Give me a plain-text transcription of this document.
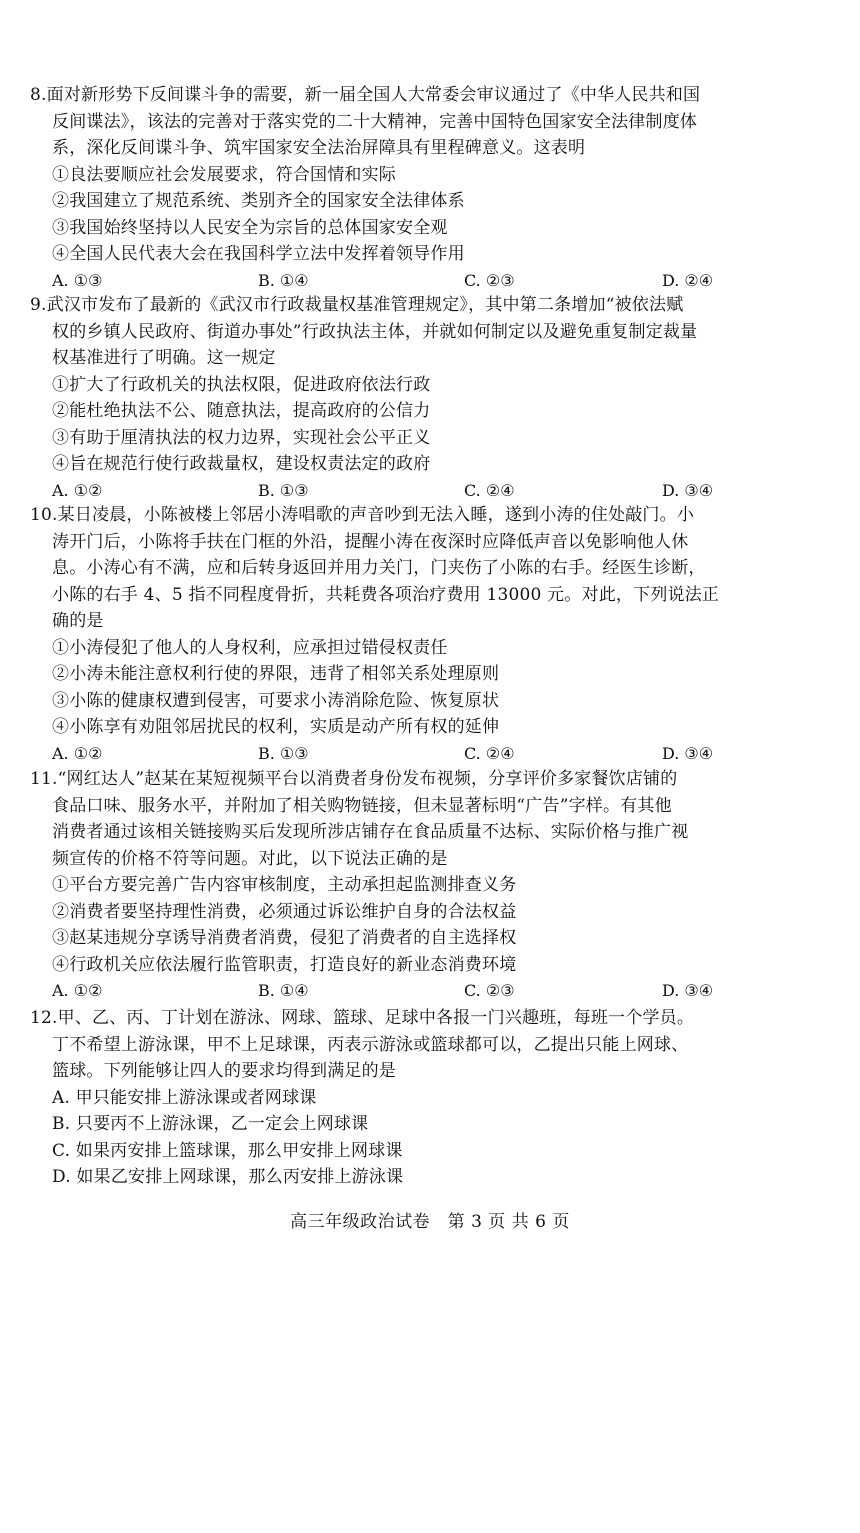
8.面对新形势下反间谍斗争的需要，新一届全国人大常委会审议通过了《中华人民共和国
反间谍法》，该法的完善对于落实党的二十大精神，完善中国特色国家安全法律制度体
系，深化反间谍斗争、筑牢国家安全法治屏障具有里程碑意义。这表明
①良法要顺应社会发展要求，符合国情和实际
②我国建立了规范系统、类别齐全的国家安全法律体系
③我国始终坚持以人民安全为宗旨的总体国家安全观
④全国人民代表大会在我国科学立法中发挥着领导作用
A. ①③	B. ①④	C. ②③	D. ②④
9.武汉市发布了最新的《武汉市行政裁量权基准管理规定》，其中第二条增加“被依法赋
权的乡镇人民政府、街道办事处”行政执法主体，并就如何制定以及避免重复制定裁量
权基准进行了明确。这一规定
①扩大了行政机关的执法权限，促进政府依法行政
②能杜绝执法不公、随意执法，提高政府的公信力
③有助于厘清执法的权力边界，实现社会公平正义
④旨在规范行使行政裁量权，建设权责法定的政府
A. ①②	B. ①③	C. ②④	D. ③④
10.某日凌晨，小陈被楼上邻居小涛唱歌的声音吵到无法入睡，遂到小涛的住处敲门。小
涛开门后，小陈将手扶在门框的外沿，提醒小涛在夜深时应降低声音以免影响他人休
息。小涛心有不满，应和后转身返回并用力关门，门夹伤了小陈的右手。经医生诊断，
小陈的右手 4、5 指不同程度骨折，共耗费各项治疗费用 13000 元。对此，下列说法正
确的是
①小涛侵犯了他人的人身权利，应承担过错侵权责任
②小涛未能注意权利行使的界限，违背了相邻关系处理原则
③小陈的健康权遭到侵害，可要求小涛消除危险、恢复原状
④小陈享有劝阻邻居扰民的权利，实质是动产所有权的延伸
A. ①②	B. ①③	C. ②④	D. ③④
11.“网红达人”赵某在某短视频平台以消费者身份发布视频，分享评价多家餐饮店铺的
食品口味、服务水平，并附加了相关购物链接，但未显著标明“广告”字样。有其他
消费者通过该相关链接购买后发现所涉店铺存在食品质量不达标、实际价格与推广视
频宣传的价格不符等问题。对此，以下说法正确的是
①平台方要完善广告内容审核制度，主动承担起监测排查义务
②消费者要坚持理性消费，必须通过诉讼维护自身的合法权益
③赵某违规分享诱导消费者消费，侵犯了消费者的自主选择权
④行政机关应依法履行监管职责，打造良好的新业态消费环境
A. ①②	B. ①④	C. ②③	D. ③④
12.甲、乙、丙、丁计划在游泳、网球、篮球、足球中各报一门兴趣班，每班一个学员。
丁不希望上游泳课，甲不上足球课，丙表示游泳或篮球都可以，乙提出只能上网球、
篮球。下列能够让四人的要求均得到满足的是
A. 甲只能安排上游泳课或者网球课
B. 只要丙不上游泳课，乙一定会上网球课
C. 如果丙安排上篮球课，那么甲安排上网球课
D. 如果乙安排上网球课，那么丙安排上游泳课
高三年级政治试卷　第 3 页 共 6 页
